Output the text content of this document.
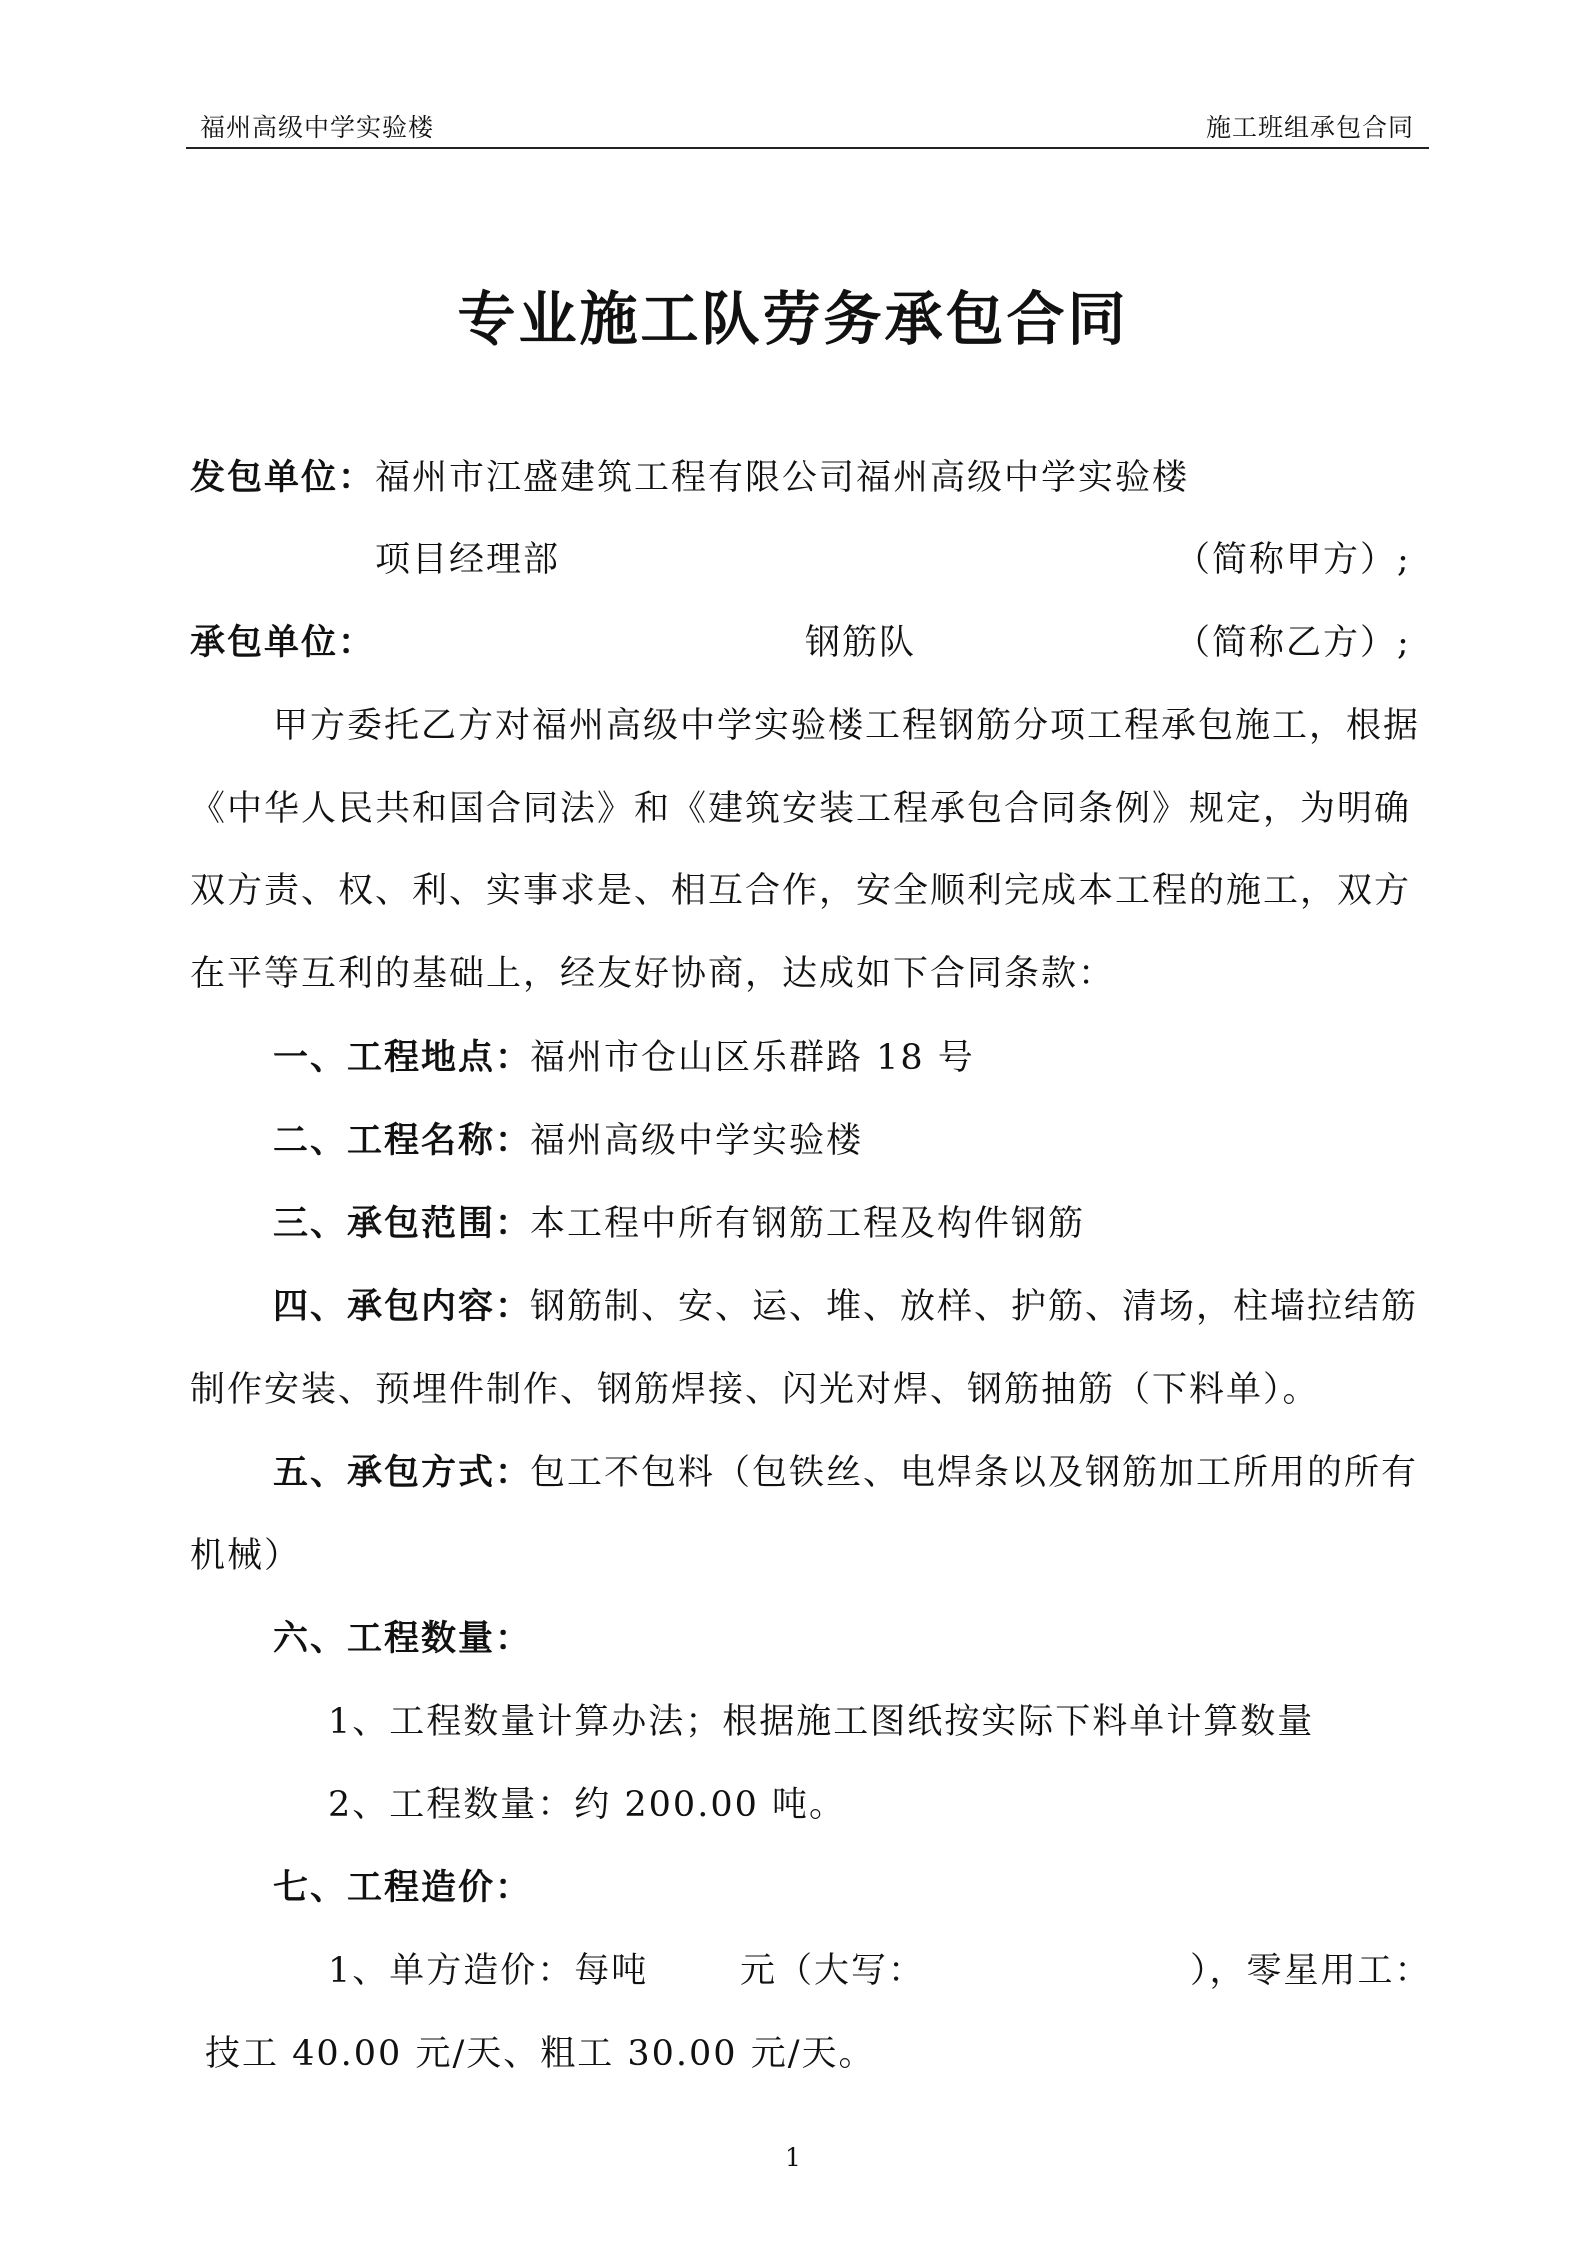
福州高级中学实验楼	施工班组承包合同
专业施工队劳务承包合同
发包单位： 福州市江盛建筑工程有限公司福州高级中学实验楼
项目经理部	（简称甲方）;
承包单位：	钢筋队	（简称乙方）;
甲方委托乙方对福州高级中学实验楼工程钢筋分项工程承包施工，根据
《中华人民共和国合同法》和《建筑安装工程承包合同条例》规定，为明确
双方责、权、利、实事求是、相互合作，安全顺利完成本工程的施工，双方
在平等互利的基础上，经友好协商，达成如下合同条款：
一、工程地点：
福州市仓山区乐群路 18 号
二、工程名称：
福州高级中学实验楼
三、承包范围：
本工程中所有钢筋工程及构件钢筋
四、承包内容：
钢筋制、安、运、堆、放样、护筋、清场，柱墙拉结筋
制作安装、预埋件制作、钢筋焊接、闪光对焊、钢筋抽筋（下料单）。
五、承包方式：
包工不包料（包铁丝、电焊条以及钢筋加工所用的所有
机械）
六、工程数量：
1、工程数量计算办法；根据施工图纸按实际下料单计算数量
2、工程数量：约 200.00 吨。
七、工程造价：
1、单方造价：每吨	元（大写：	），零星用工：
技工 40.00 元/天、粗工 30.00 元/天。
1
